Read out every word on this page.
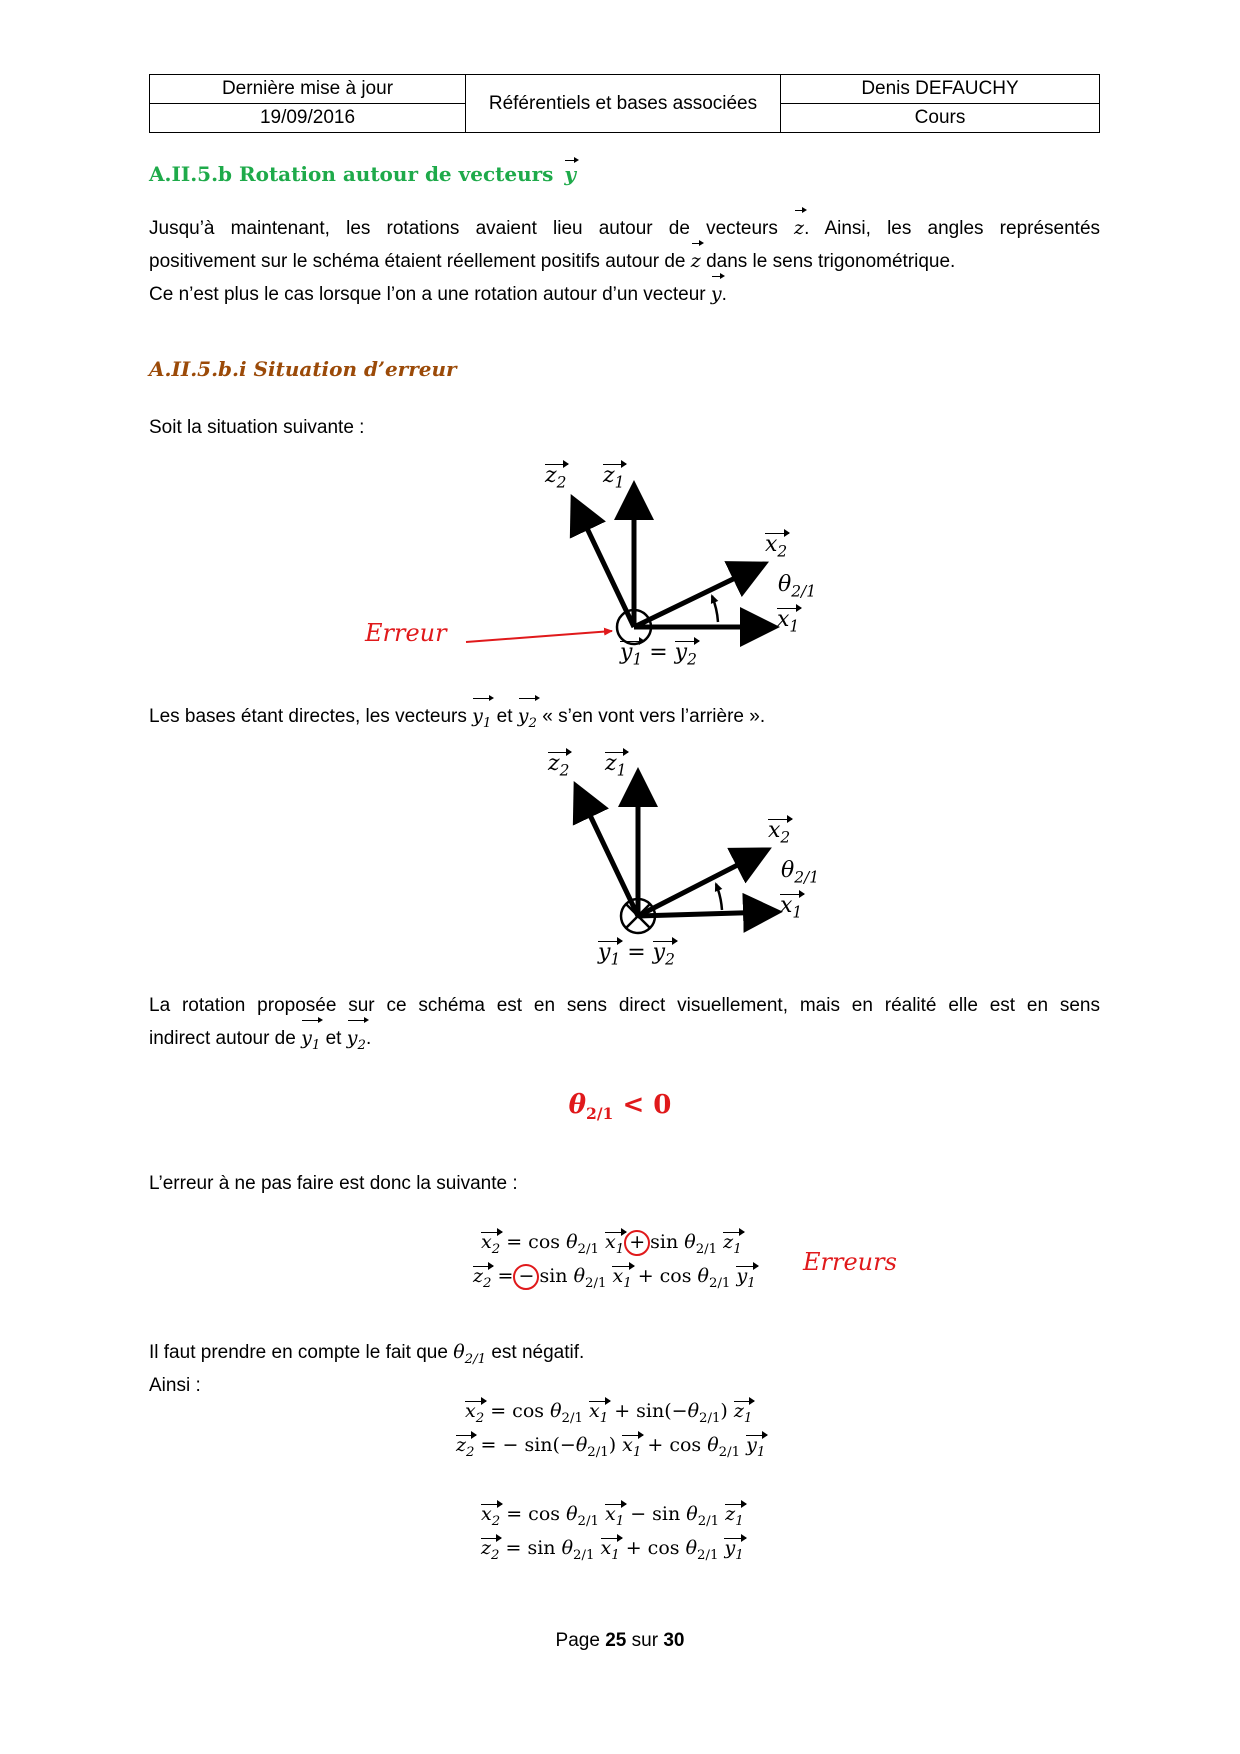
Dernière mise à jour	Référentiels et bases associées	Denis DEFAUCHY
19/09/2016		Cours
A.II.5.b Rotation autour de vecteurs y
Jusqu’à maintenant, les rotations avaient lieu autour de vecteurs z. Ainsi, les angles représentés
positivement sur le schéma étaient réellement positifs autour de z dans le sens trigonométrique.
Ce n’est plus le cas lorsque l’on a une rotation autour d’un vecteur y.
A.II.5.b.i Situation d’erreur
Soit la situation suivante :
$z_2$ $z_1$
$x_2$
$\theta_{2/1}$
$x_1$
$y_1 = y_2$
Erreur
Les bases étant directes, les vecteurs $y_1$ et $y_2$ « s’en vont vers l’arrière ».
$z_2$ $z_1$
$x_2$
$\theta_{2/1}$
$x_1$
$y_1 = y_2$
La rotation proposée sur ce schéma est en sens direct visuellement, mais en réalité elle est en sens
indirect autour de $y_1$ et $y_2$.
$\theta_{2/1} < 0$
L’erreur à ne pas faire est donc la suivante :
$x_2 = \cos \theta_{2/1}$ $x_1 + \sin \theta_{2/1}$ $z_1$
$z_2$ = − $\sin \theta_{2/1}$ $x_1 + \cos \theta_{2/1}$ $y_1$
Erreurs
Il faut prendre en compte le fait que $\theta_{2/1}$ est négatif.
Ainsi :
$x_2 = \cos \theta_{2/1}$ $x_1 + \sin(-\theta_{2/1})$ $z_1$
$z_2$ = − $\sin(-\theta_{2/1}) x_1 + \cos \theta_{2/1}$ $y_1$
$x_2 = \cos \theta_{2/1}$ $x_1 - \sin \theta_{2/1}$ $z_1$
$z_2 = \sin \theta_{2/1}$ $x_1 + \cos \theta_{2/1}$ $y_1$
Page 25 sur 30
